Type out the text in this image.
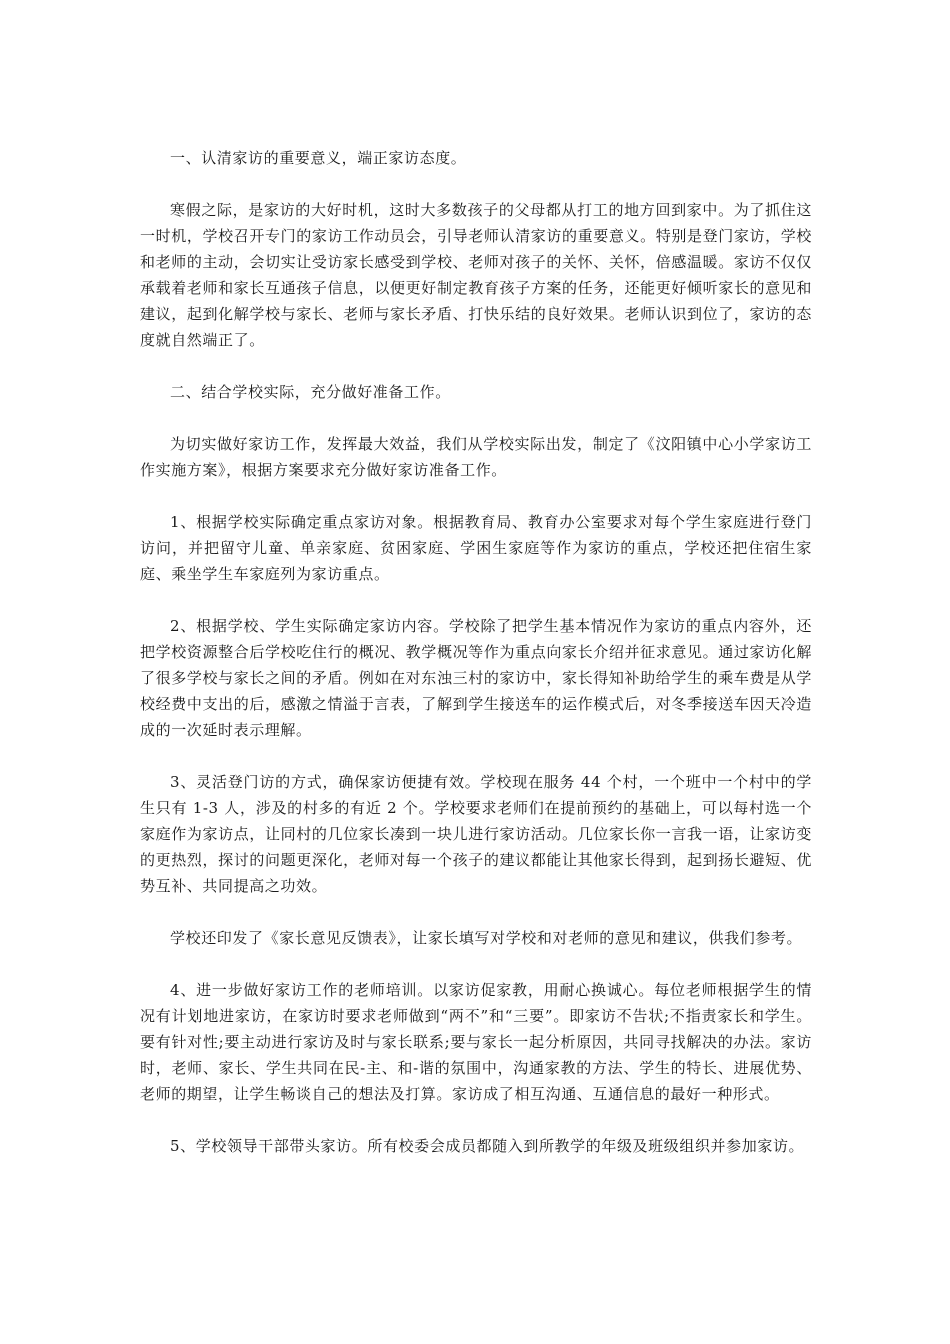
一、认清家访的重要意义，端正家访态度。

寒假之际，是家访的大好时机，这时大多数孩子的父母都从打工的地方回到家中。为了抓住这一时机，学校召开专门的家访工作动员会，引导老师认清家访的重要意义。特别是登门家访，学校和老师的主动，会切实让受访家长感受到学校、老师对孩子的关怀、关怀，倍感温暖。家访不仅仅承载着老师和家长互通孩子信息，以便更好制定教育孩子方案的任务，还能更好倾听家长的意见和建议，起到化解学校与家长、老师与家长矛盾、打快乐结的良好效果。老师认识到位了，家访的态度就自然端正了。

二、结合学校实际，充分做好准备工作。

为切实做好家访工作，发挥最大效益，我们从学校实际出发，制定了《汶阳镇中心小学家访工作实施方案》，根据方案要求充分做好家访准备工作。

1、根据学校实际确定重点家访对象。根据教育局、教育办公室要求对每个学生家庭进行登门访问，并把留守儿童、单亲家庭、贫困家庭、学困生家庭等作为家访的重点，学校还把住宿生家庭、乘坐学生车家庭列为家访重点。

2、根据学校、学生实际确定家访内容。学校除了把学生基本情况作为家访的重点内容外，还把学校资源整合后学校吃住行的概况、教学概况等作为重点向家长介绍并征求意见。通过家访化解了很多学校与家长之间的矛盾。例如在对东浊三村的家访中，家长得知补助给学生的乘车费是从学校经费中支出的后，感激之情溢于言表，了解到学生接送车的运作模式后，对冬季接送车因天冷造成的一次延时表示理解。

3、灵活登门访的方式，确保家访便捷有效。学校现在服务 44 个村，一个班中一个村中的学生只有 1-3 人，涉及的村多的有近 2 个。学校要求老师们在提前预约的基础上，可以每村选一个家庭作为家访点，让同村的几位家长凑到一块儿进行家访活动。几位家长你一言我一语，让家访变的更热烈，探讨的问题更深化，老师对每一个孩子的建议都能让其他家长得到，起到扬长避短、优势互补、共同提高之功效。

学校还印发了《家长意见反馈表》，让家长填写对学校和对老师的意见和建议，供我们参考。

4、进一步做好家访工作的老师培训。以家访促家教，用耐心换诚心。每位老师根据学生的情况有计划地进家访，在家访时要求老师做到“两不”和“三要”。即家访不告状;不指责家长和学生。要有针对性;要主动进行家访及时与家长联系;要与家长一起分析原因，共同寻找解决的办法。家访时，老师、家长、学生共同在民-主、和-谐的氛围中，沟通家教的方法、学生的特长、进展优势、老师的期望，让学生畅谈自己的想法及打算。家访成了相互沟通、互通信息的最好一种形式。

5、学校领导干部带头家访。所有校委会成员都随入到所教学的年级及班级组织并参加家访。
